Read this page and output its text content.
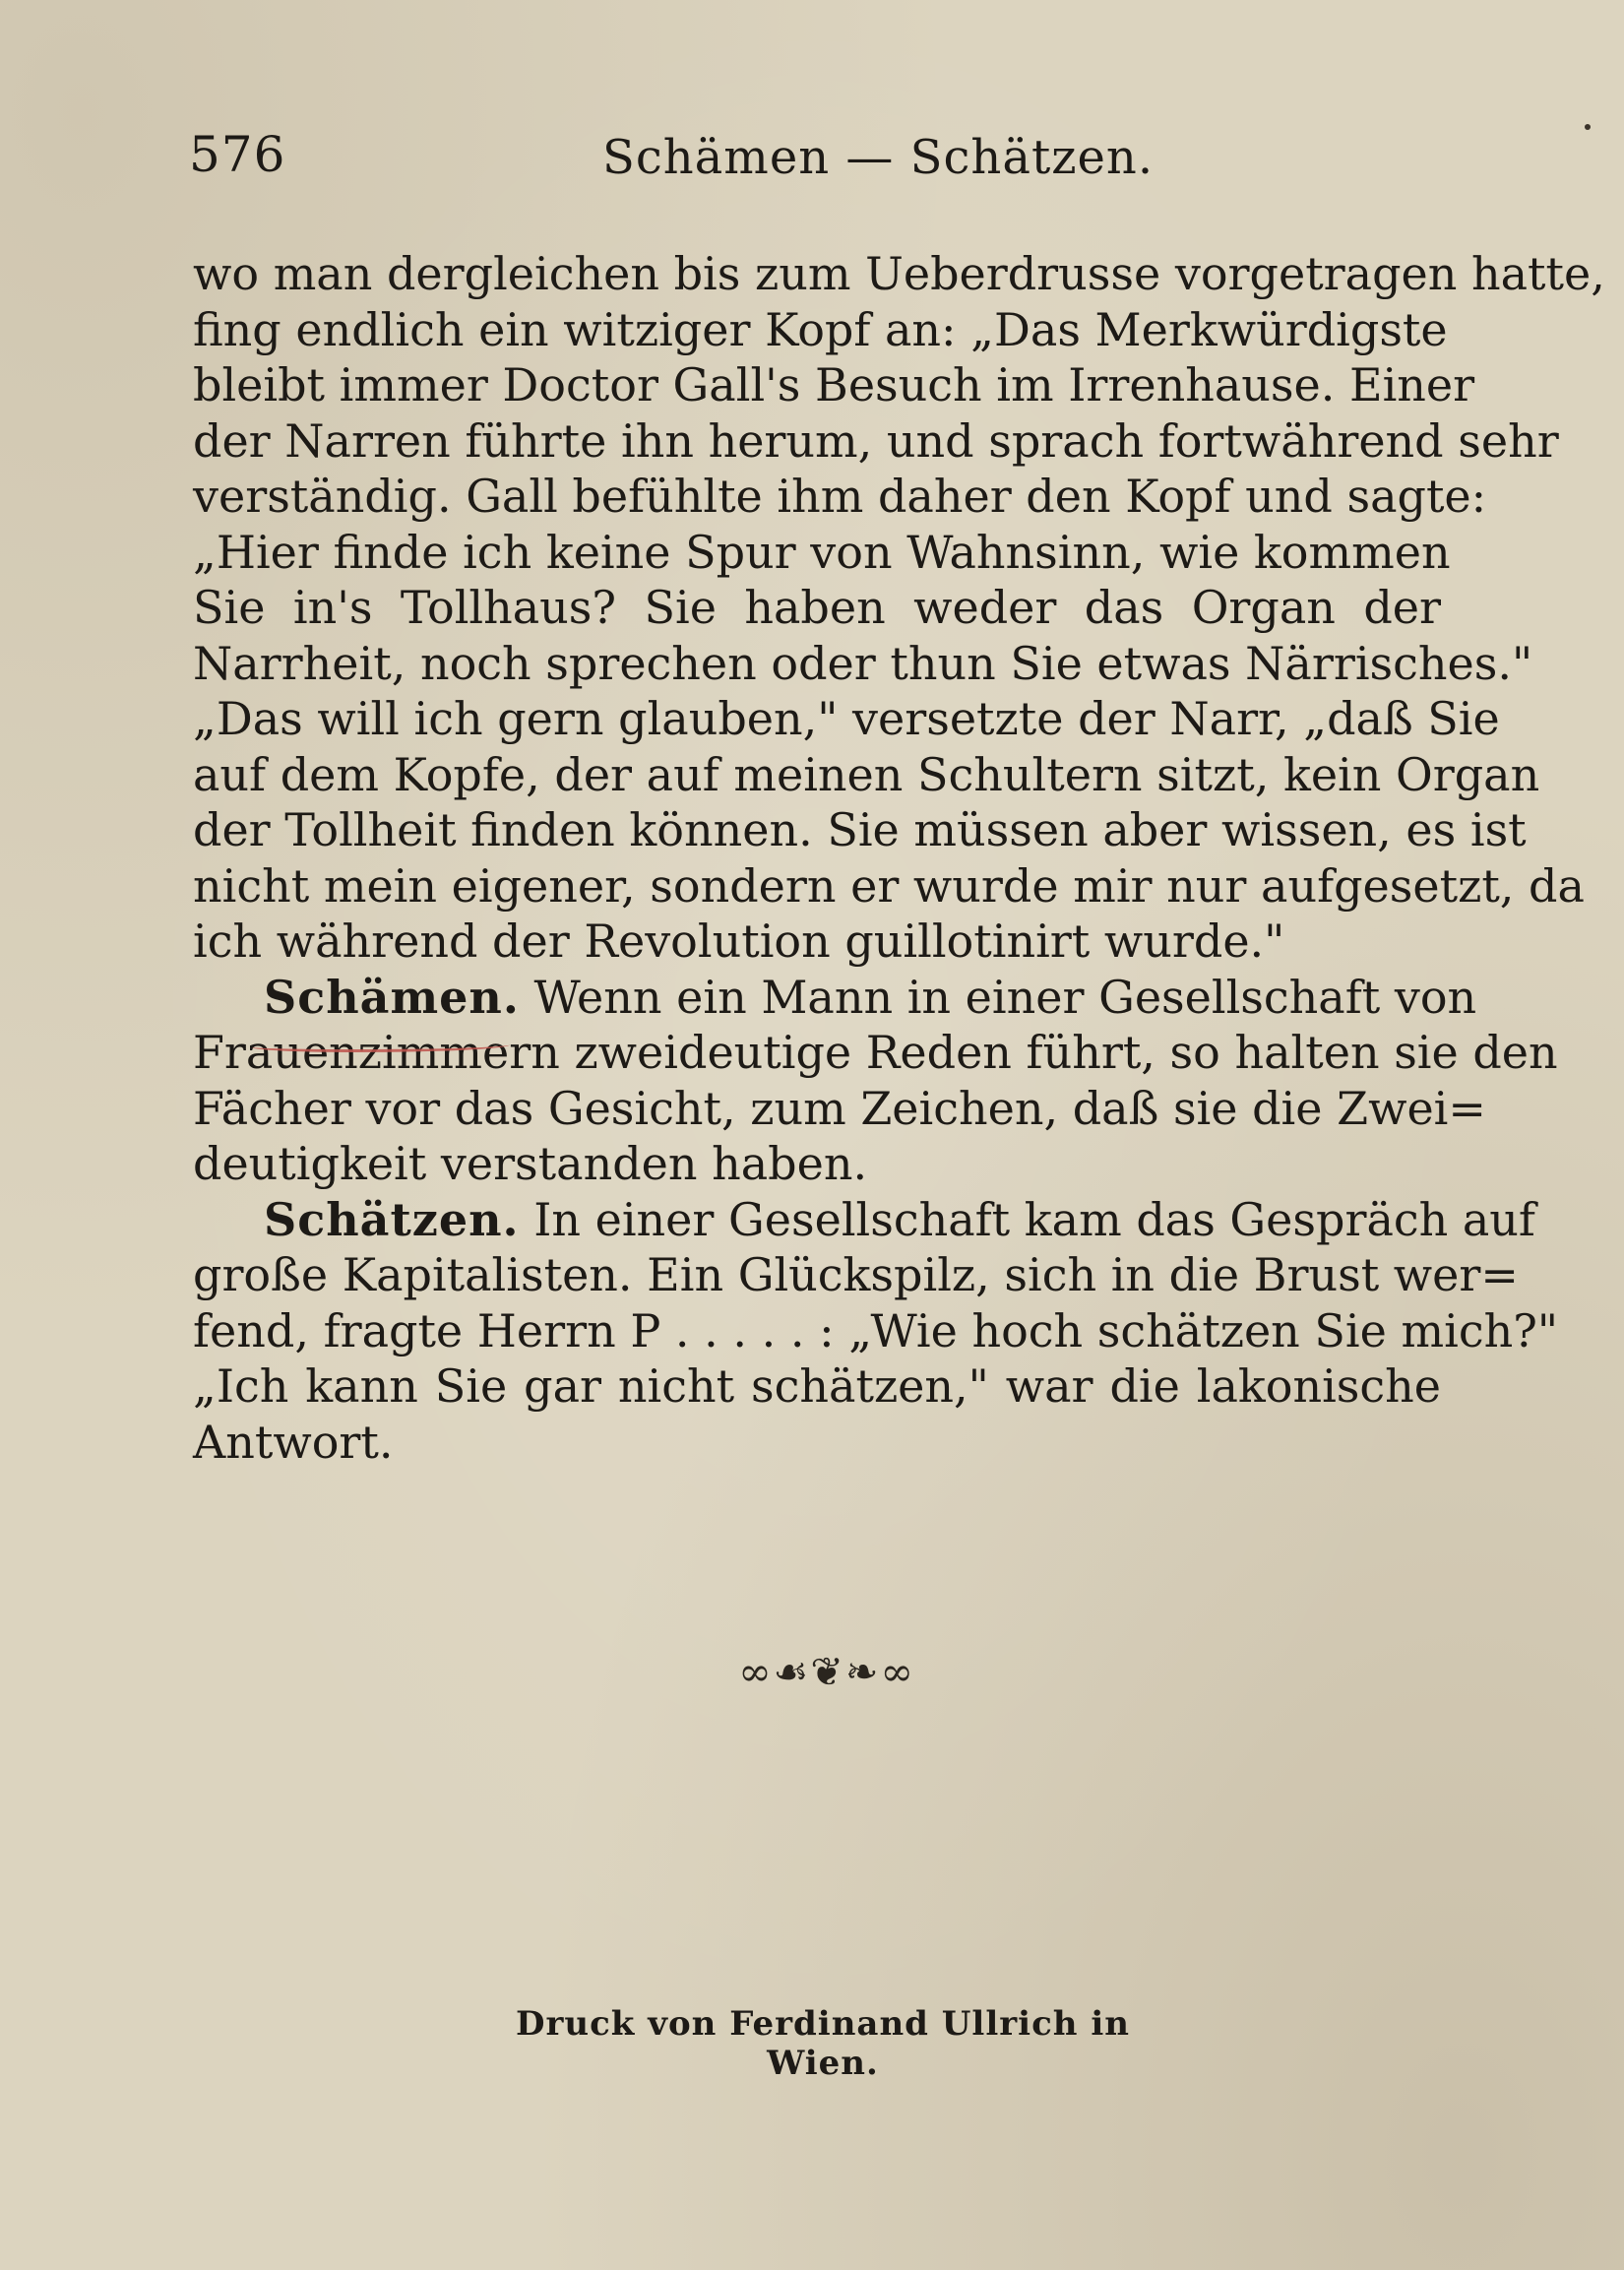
576	Schämen — Schätzen.
wo man dergleichen bis zum Ueberdrusse vorgetragen hatte,
fing endlich ein witziger Kopf an: „Das Merkwürdigste
bleibt immer Doctor Gall's Besuch im Irrenhause. Einer
der Narren führte ihn herum, und sprach fortwährend sehr
verständig. Gall befühlte ihm daher den Kopf und sagte:
„Hier finde ich keine Spur von Wahnsinn, wie kommen
Sie in's Tollhaus? Sie haben weder das Organ der
Narrheit, noch sprechen oder thun Sie etwas Närrisches."
„Das will ich gern glauben," versetzte der Narr, „daß Sie
auf dem Kopfe, der auf meinen Schultern sitzt, kein Organ
der Tollheit finden können. Sie müssen aber wissen, es ist
nicht mein eigener, sondern er wurde mir nur aufgesetzt, da
ich während der Revolution guillotinirt wurde."
Schämen. Wenn ein Mann in einer Gesellschaft von
Frauenzimmern zweideutige Reden führt, so halten sie den
Fächer vor das Gesicht, zum Zeichen, daß sie die Zwei=
deutigkeit verstanden haben.
Schätzen. In einer Gesellschaft kam das Gespräch auf
große Kapitalisten. Ein Glückspilz, sich in die Brust wer=
fend, fragte Herrn P . . . . . : „Wie hoch schätzen Sie mich?"
„Ich kann Sie gar nicht schätzen," war die lakonische
Antwort.
∞☙❦❧∞
Druck von Ferdinand Ullrich in Wien.
